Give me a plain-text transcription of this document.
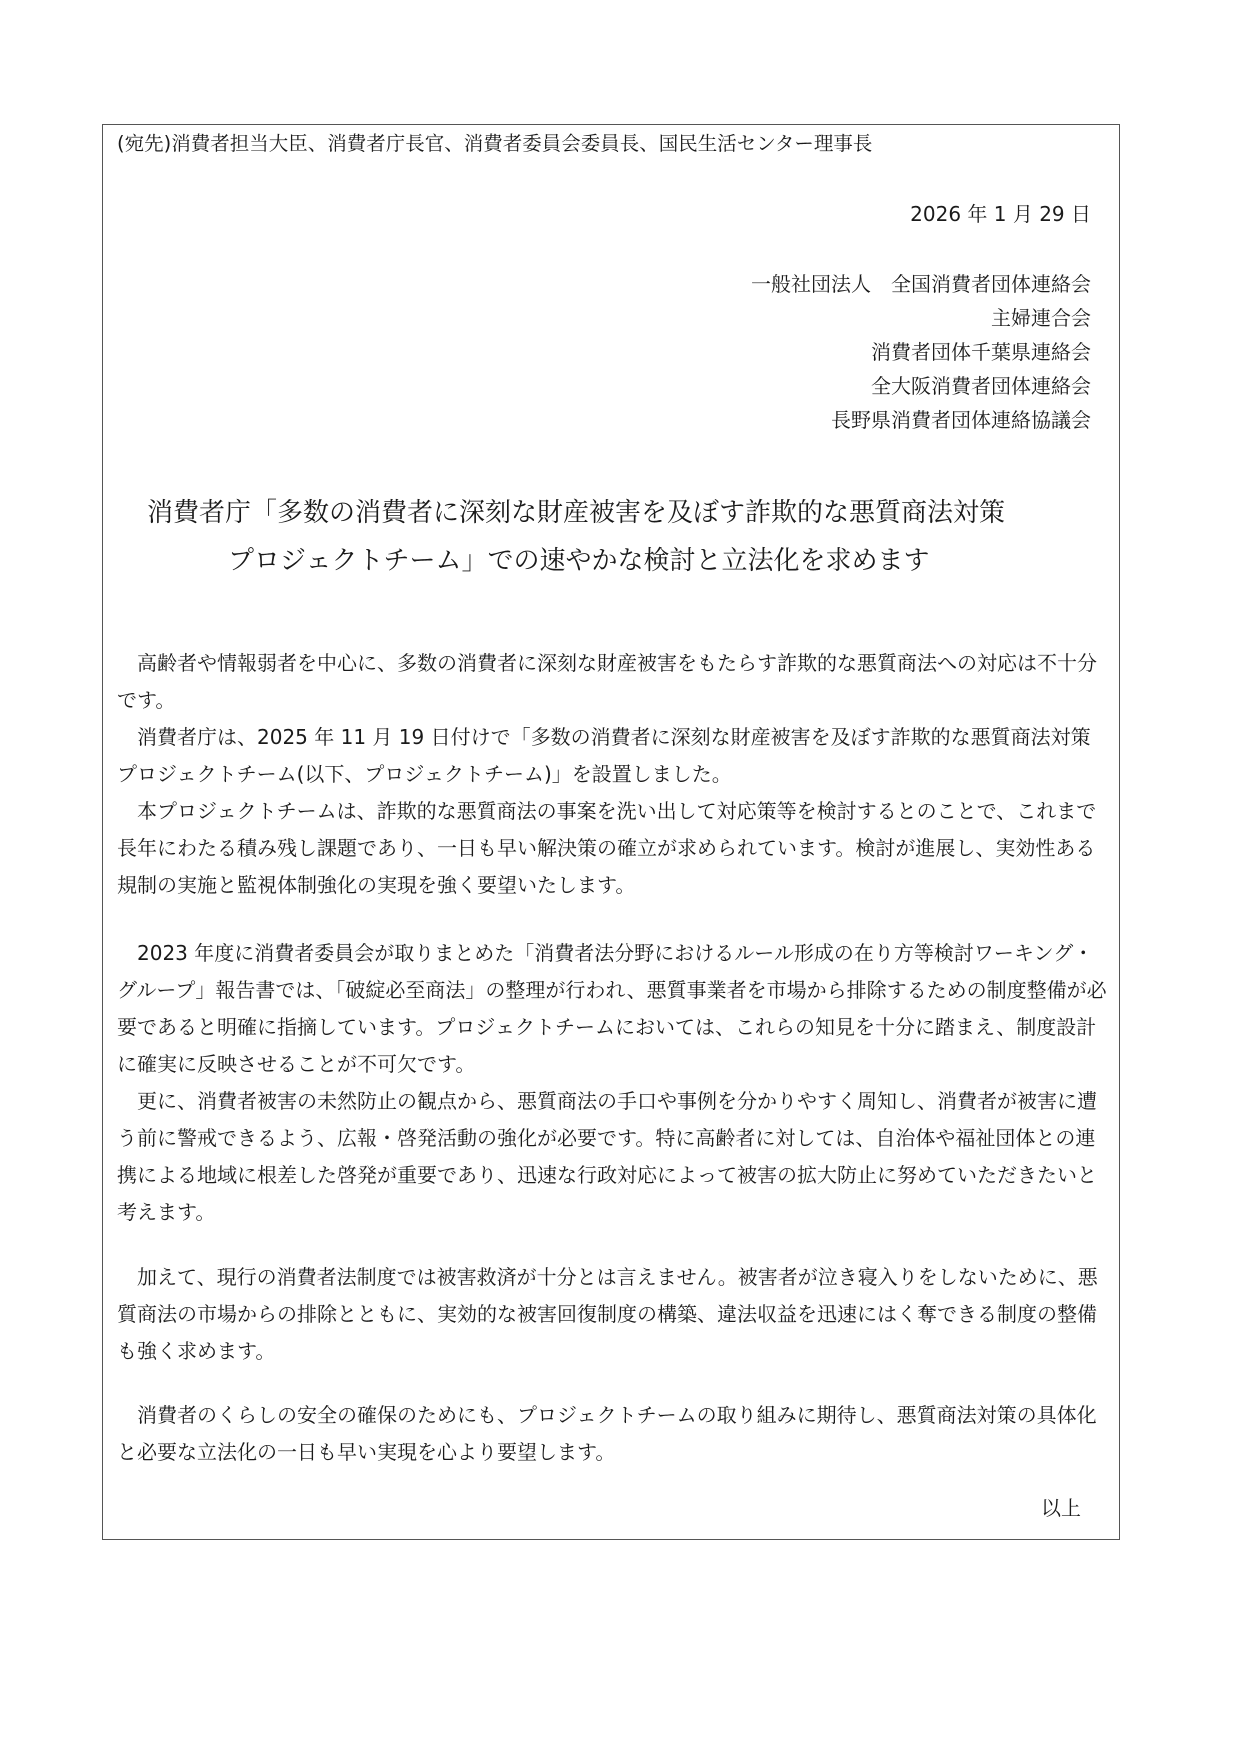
(宛先)消費者担当大臣、消費者庁長官、消費者委員会委員長、国民生活センター理事長
2026 年 1 月 29 日
一般社団法人　全国消費者団体連絡会
主婦連合会
消費者団体千葉県連絡会
全大阪消費者団体連絡会
長野県消費者団体連絡協議会
消費者庁「多数の消費者に深刻な財産被害を及ぼす詐欺的な悪質商法対策
プロジェクトチーム」での速やかな検討と立法化を求めます

高齢者や情報弱者を中心に、多数の消費者に深刻な財産被害をもたらす詐欺的な悪質商法への対応は不十分です。

消費者庁は、2025 年 11 月 19 日付けで「多数の消費者に深刻な財産被害を及ぼす詐欺的な悪質商法対策プロジェクトチーム(以下、プロジェクトチーム)」を設置しました。

本プロジェクトチームは、詐欺的な悪質商法の事案を洗い出して対応策等を検討するとのことで、これまで長年にわたる積み残し課題であり、一日も早い解決策の確立が求められています。検討が進展し、実効性ある規制の実施と監視体制強化の実現を強く要望いたします。

2023 年度に消費者委員会が取りまとめた「消費者法分野におけるルール形成の在り方等検討ワーキング・グループ」報告書では、「破綻必至商法」の整理が行われ、悪質事業者を市場から排除するための制度整備が必要であると明確に指摘しています。プロジェクトチームにおいては、これらの知見を十分に踏まえ、制度設計に確実に反映させることが不可欠です。

更に、消費者被害の未然防止の観点から、悪質商法の手口や事例を分かりやすく周知し、消費者が被害に遭う前に警戒できるよう、広報・啓発活動の強化が必要です。特に高齢者に対しては、自治体や福祉団体との連携による地域に根差した啓発が重要であり、迅速な行政対応によって被害の拡大防止に努めていただきたいと考えます。

加えて、現行の消費者法制度では被害救済が十分とは言えません。被害者が泣き寝入りをしないために、悪質商法の市場からの排除とともに、実効的な被害回復制度の構築、違法収益を迅速にはく奪できる制度の整備も強く求めます。

消費者のくらしの安全の確保のためにも、プロジェクトチームの取り組みに期待し、悪質商法対策の具体化と必要な立法化の一日も早い実現を心より要望します。

以上
